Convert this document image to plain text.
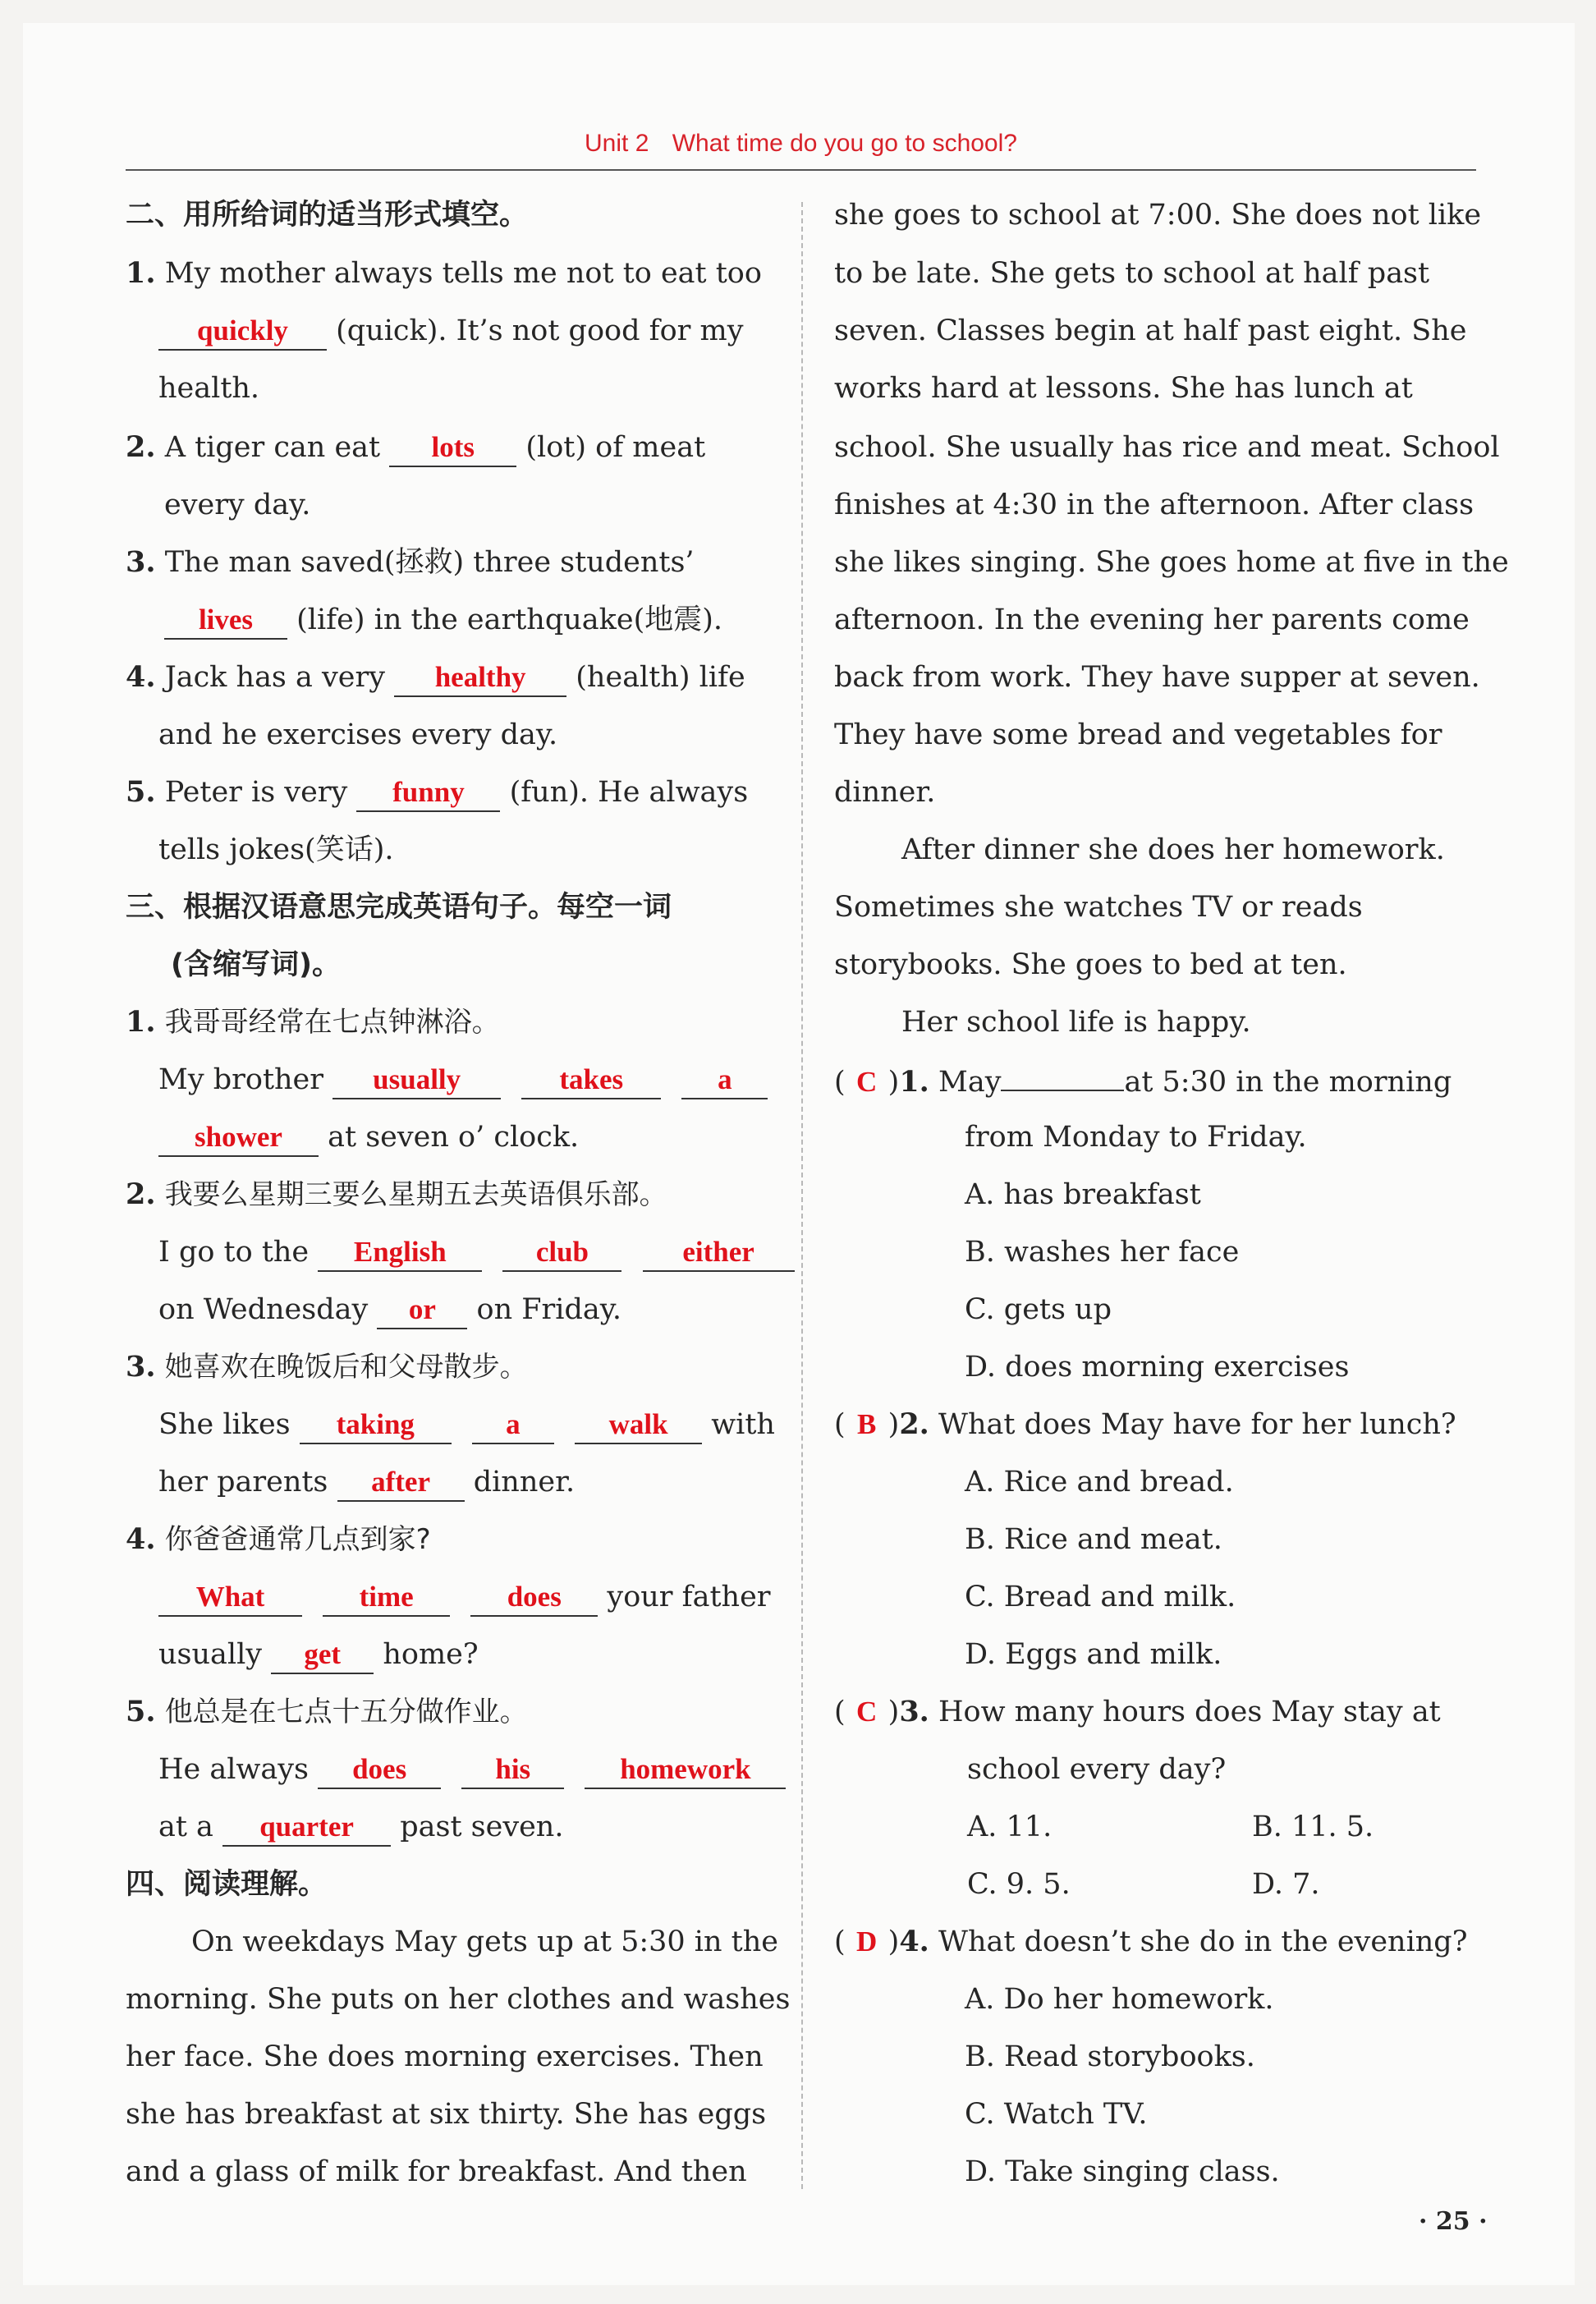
Unit 2 What time do you go to school?
二、用所给词的适当形式填空。
1. My mother always tells me not to eat too
quickly (quick). It’s not good for my
health.
2. A tiger can eat lots (lot) of meat
every day.
3. The man saved(拯救) three students’
lives (life) in the earthquake(地震).
4. Jack has a very healthy (health) life
and he exercises every day.
5. Peter is very funny (fun). He always
tells jokes(笑话).
三、根据汉语意思完成英语句子。每空一词
(含缩写词)。
1. 我哥哥经常在七点钟淋浴。
My brother usually	takes	a
shower at seven o’ clock.
2. 我要么星期三要么星期五去英语俱乐部。
I go to the English	club	either
on Wednesday or on Friday.
3. 她喜欢在晚饭后和父母散步。
She likes taking	a	walk with
her parents after dinner.
4. 你爸爸通常几点到家?
What	time	does your father
usually get home?
5. 他总是在七点十五分做作业。
He always does	his	homework
at a quarter past seven.
四、阅读理解。
On weekdays May gets up at 5:30 in the
morning. She puts on her clothes and washes
her face. She does morning exercises. Then
she has breakfast at six thirty. She has eggs
and a glass of milk for breakfast. And then
she goes to school at 7:00. She does not like
to be late. She gets to school at half past
seven. Classes begin at half past eight. She
works hard at lessons. She has lunch at
school. She usually has rice and meat. School
finishes at 4:30 in the afternoon. After class
she likes singing. She goes home at five in the
afternoon. In the evening her parents come
back from work. They have supper at seven.
They have some bread and vegetables for
dinner.
After dinner she does her homework.
Sometimes she watches TV or reads
storybooks. She goes to bed at ten.
Her school life is happy.
( C )1. May	at 5:30 in the morning
from Monday to Friday.
A. has breakfast
B. washes her face
C. gets up
D. does morning exercises
( B )2. What does May have for her lunch?
A. Rice and bread.
B. Rice and meat.
C. Bread and milk.
D. Eggs and milk.
( C )3. How many hours does May stay at
school every day?
A. 11.	B. 11. 5.
C. 9. 5.	D. 7.
( D )4. What doesn’t she do in the evening?
A. Do her homework.
B. Read storybooks.
C. Watch TV.
D. Take singing class.
· 25 ·
